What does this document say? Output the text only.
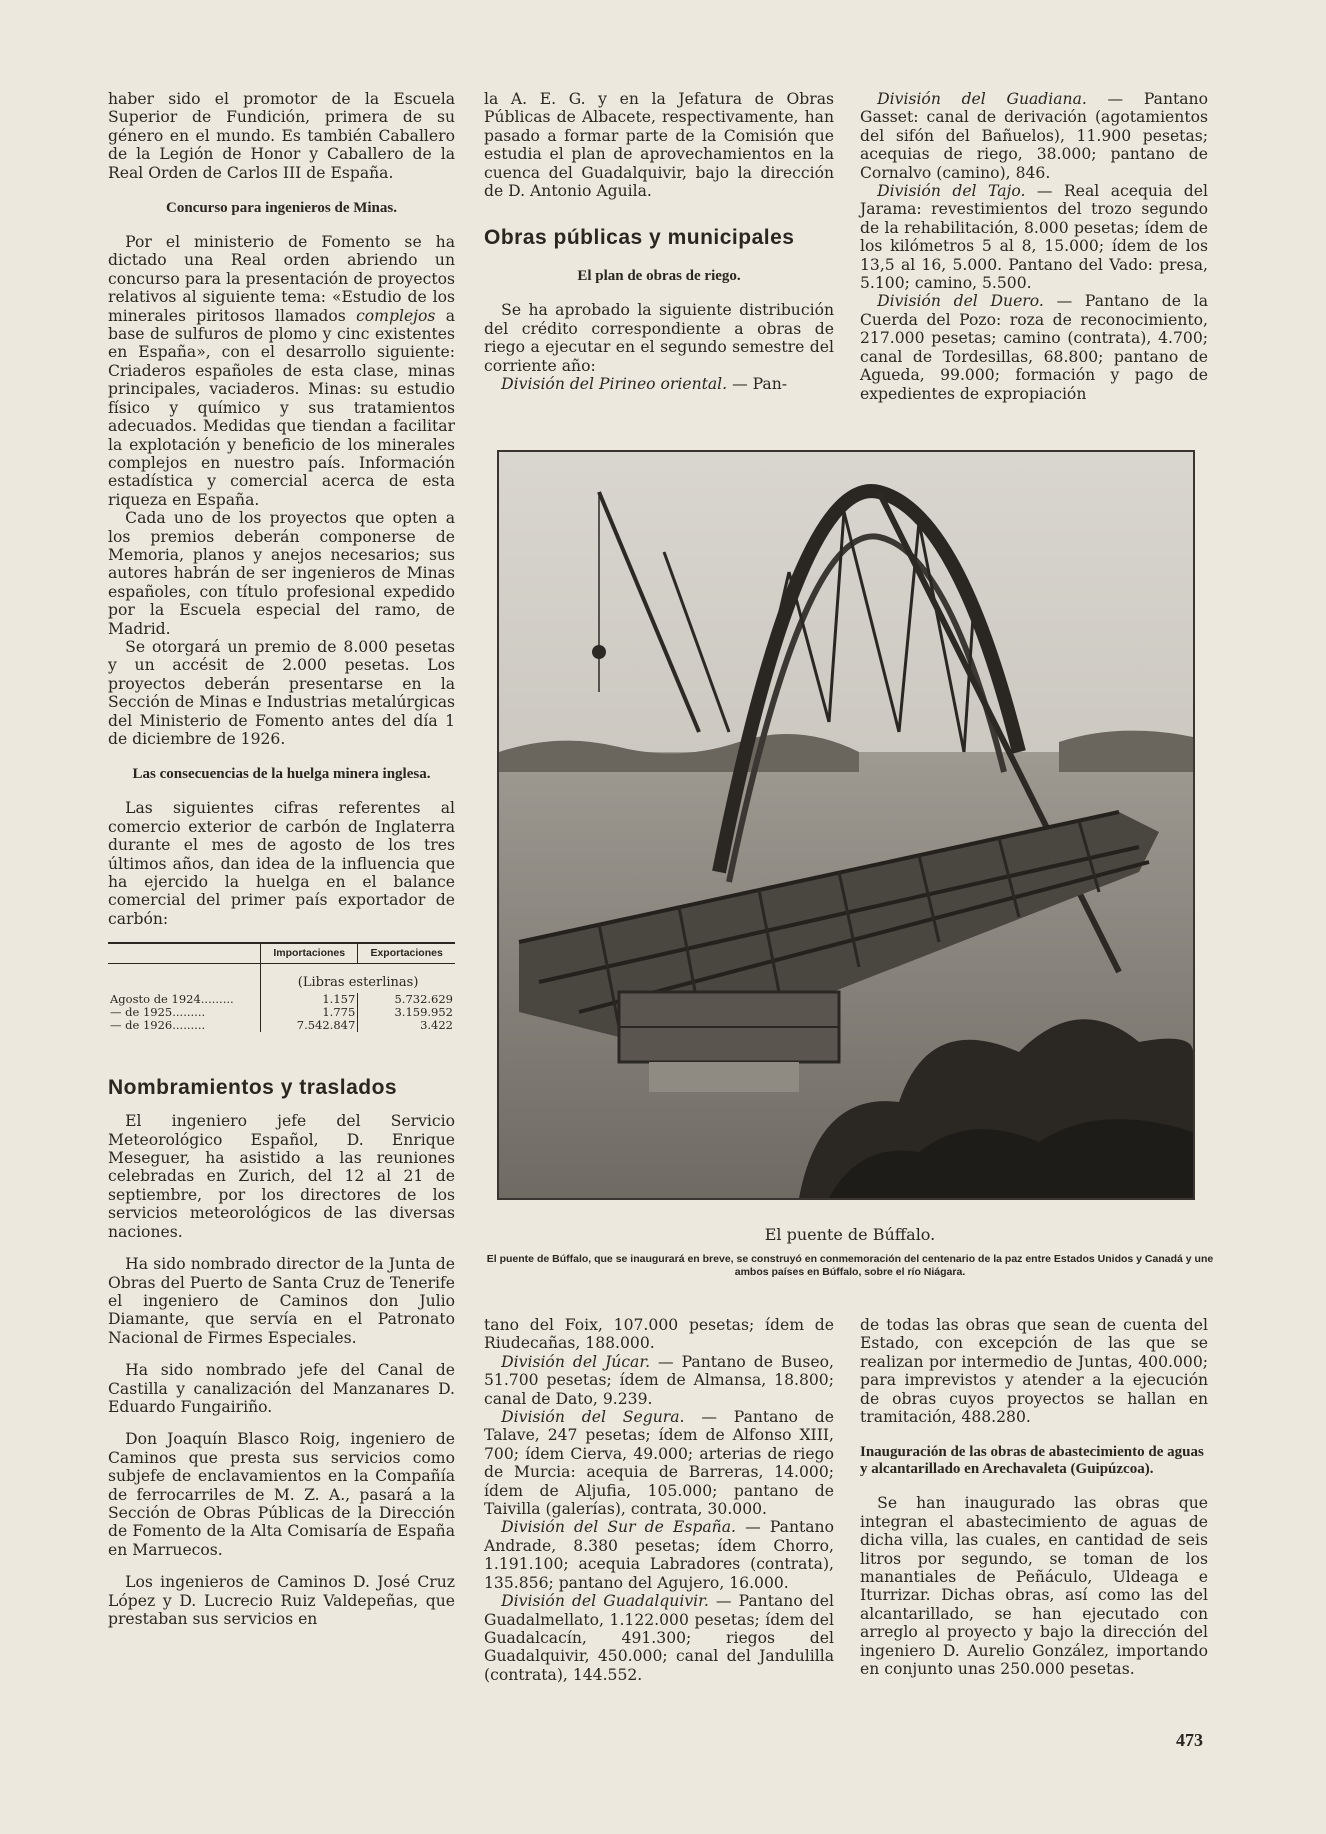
haber sido el promotor de la Escuela Superior de Fundición, primera de su género en el mundo. Es también Caballero de la Legión de Honor y Caballero de la Real Orden de Carlos III de España.

Concurso para ingenieros de Minas.

Por el ministerio de Fomento se ha dictado una Real orden abriendo un concurso para la presentación de proyectos relativos al siguiente tema: «Estudio de los minerales piritosos llamados complejos a base de sulfuros de plomo y cinc existentes en España», con el desarrollo siguiente: Criaderos españoles de esta clase, minas principales, vaciaderos. Minas: su estudio físico y químico y sus tratamientos adecuados. Medidas que tiendan a facilitar la explotación y beneficio de los minerales complejos en nuestro país. Información estadística y comercial acerca de esta riqueza en España.

Cada uno de los proyectos que opten a los premios deberán componerse de Memoria, planos y anejos necesarios; sus autores habrán de ser ingenieros de Minas españoles, con título profesional expedido por la Escuela especial del ramo, de Madrid.

Se otorgará un premio de 8.000 pesetas y un accésit de 2.000 pesetas. Los proyectos deberán presentarse en la Sección de Minas e Industrias metalúrgicas del Ministerio de Fomento antes del día 1 de diciembre de 1926.

Las consecuencias de la huelga minera inglesa.

Las siguientes cifras referentes al comercio exterior de carbón de Inglaterra durante el mes de agosto de los tres últimos años, dan idea de la influencia que ha ejercido la huelga en el balance comercial del primer país exportador de carbón:

	Importaciones	Exportaciones
	(Libras esterlinas)	
Agosto de 1924.........	1.157	5.732.629
— de 1925.........	1.775	3.159.952
— de 1926.........	7.542.847	3.422
Nombramientos y traslados

El ingeniero jefe del Servicio Meteorológico Español, D. Enrique Meseguer, ha asistido a las reuniones celebradas en Zurich, del 12 al 21 de septiembre, por los directores de los servicios meteorológicos de las diversas naciones.

Ha sido nombrado director de la Junta de Obras del Puerto de Santa Cruz de Tenerife el ingeniero de Caminos don Julio Diamante, que servía en el Patronato Nacional de Firmes Especiales.

Ha sido nombrado jefe del Canal de Castilla y canalización del Manzanares D. Eduardo Fungairiño.

Don Joaquín Blasco Roig, ingeniero de Caminos que presta sus servicios como subjefe de enclavamientos en la Compañía de ferrocarriles de M. Z. A., pasará a la Sección de Obras Públicas de la Dirección de Fomento de la Alta Comisaría de España en Marruecos.

Los ingenieros de Caminos D. José Cruz López y D. Lucrecio Ruiz Valdepeñas, que prestaban sus servicios en

la A. E. G. y en la Jefatura de Obras Públicas de Albacete, respectivamente, han pasado a formar parte de la Comisión que estudia el plan de aprovechamientos en la cuenca del Guadalquivir, bajo la dirección de D. Antonio Aguila.

Obras públicas y municipales
El plan de obras de riego.

Se ha aprobado la siguiente distribución del crédito correspondiente a obras de riego a ejecutar en el segundo semestre del corriente año:

División del Pirineo oriental. — Pan-

División del Guadiana. — Pantano Gasset: canal de derivación (agotamientos del sifón del Bañuelos), 11.900 pesetas; acequias de riego, 38.000; pantano de Cornalvo (camino), 846.

División del Tajo. — Real acequia del Jarama: revestimientos del trozo segundo de la rehabilitación, 8.000 pesetas; ídem de los kilómetros 5 al 8, 15.000; ídem de los 13,5 al 16, 5.000. Pantano del Vado: presa, 5.100; camino, 5.500.

División del Duero. — Pantano de la Cuerda del Pozo: roza de reconocimiento, 217.000 pesetas; camino (contrata), 4.700; canal de Tordesillas, 68.800; pantano de Agueda, 99.000; formación y pago de expedientes de expropiación

El puente de Búffalo.
El puente de Búffalo, que se inaugurará en breve, se construyó en conmemoración del centenario de la paz entre Estados Unidos y Canadá y une ambos países en Búffalo, sobre el río Niágara.

tano del Foix, 107.000 pesetas; ídem de Riudecañas, 188.000.

División del Júcar. — Pantano de Buseo, 51.700 pesetas; ídem de Almansa, 18.800; canal de Dato, 9.239.

División del Segura. — Pantano de Talave, 247 pesetas; ídem de Alfonso XIII, 700; ídem Cierva, 49.000; arterias de riego de Murcia: acequia de Barreras, 14.000; ídem de Aljufia, 105.000; pantano de Taivilla (galerías), contrata, 30.000.

División del Sur de España. — Pantano Andrade, 8.380 pesetas; ídem Chorro, 1.191.100; acequia Labradores (contrata), 135.856; pantano del Agujero, 16.000.

División del Guadalquivir. — Pantano del Guadalmellato, 1.122.000 pesetas; ídem del Guadalcacín, 491.300; riegos del Guadalquivir, 450.000; canal del Jandulilla (contrata), 144.552.

de todas las obras que sean de cuenta del Estado, con excepción de las que se realizan por intermedio de Juntas, 400.000; para imprevistos y atender a la ejecución de obras cuyos proyectos se hallan en tramitación, 488.280.

Inauguración de las obras de abastecimiento de aguas y alcantarillado en Arechavaleta (Guipúzcoa).

Se han inaugurado las obras que integran el abastecimiento de aguas de dicha villa, las cuales, en cantidad de seis litros por segundo, se toman de los manantiales de Peñáculo, Uldeaga e Iturrizar. Dichas obras, así como las del alcantarillado, se han ejecutado con arreglo al proyecto y bajo la dirección del ingeniero D. Aurelio González, importando en conjunto unas 250.000 pesetas.

473
